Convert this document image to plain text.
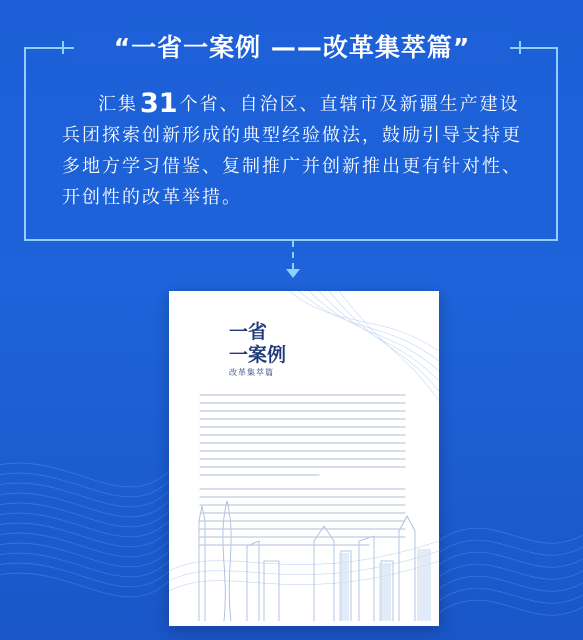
“一省一案例 ——改革集萃篇”
汇集31 个省、自治区、直辖市及新疆生产建设兵团探索创新形成的典型经验做法，鼓励引导支持更多地方学习借鉴、复制推广并创新推出更有针对性、开创性的改革举措。
一省
一案例
改革集萃篇
